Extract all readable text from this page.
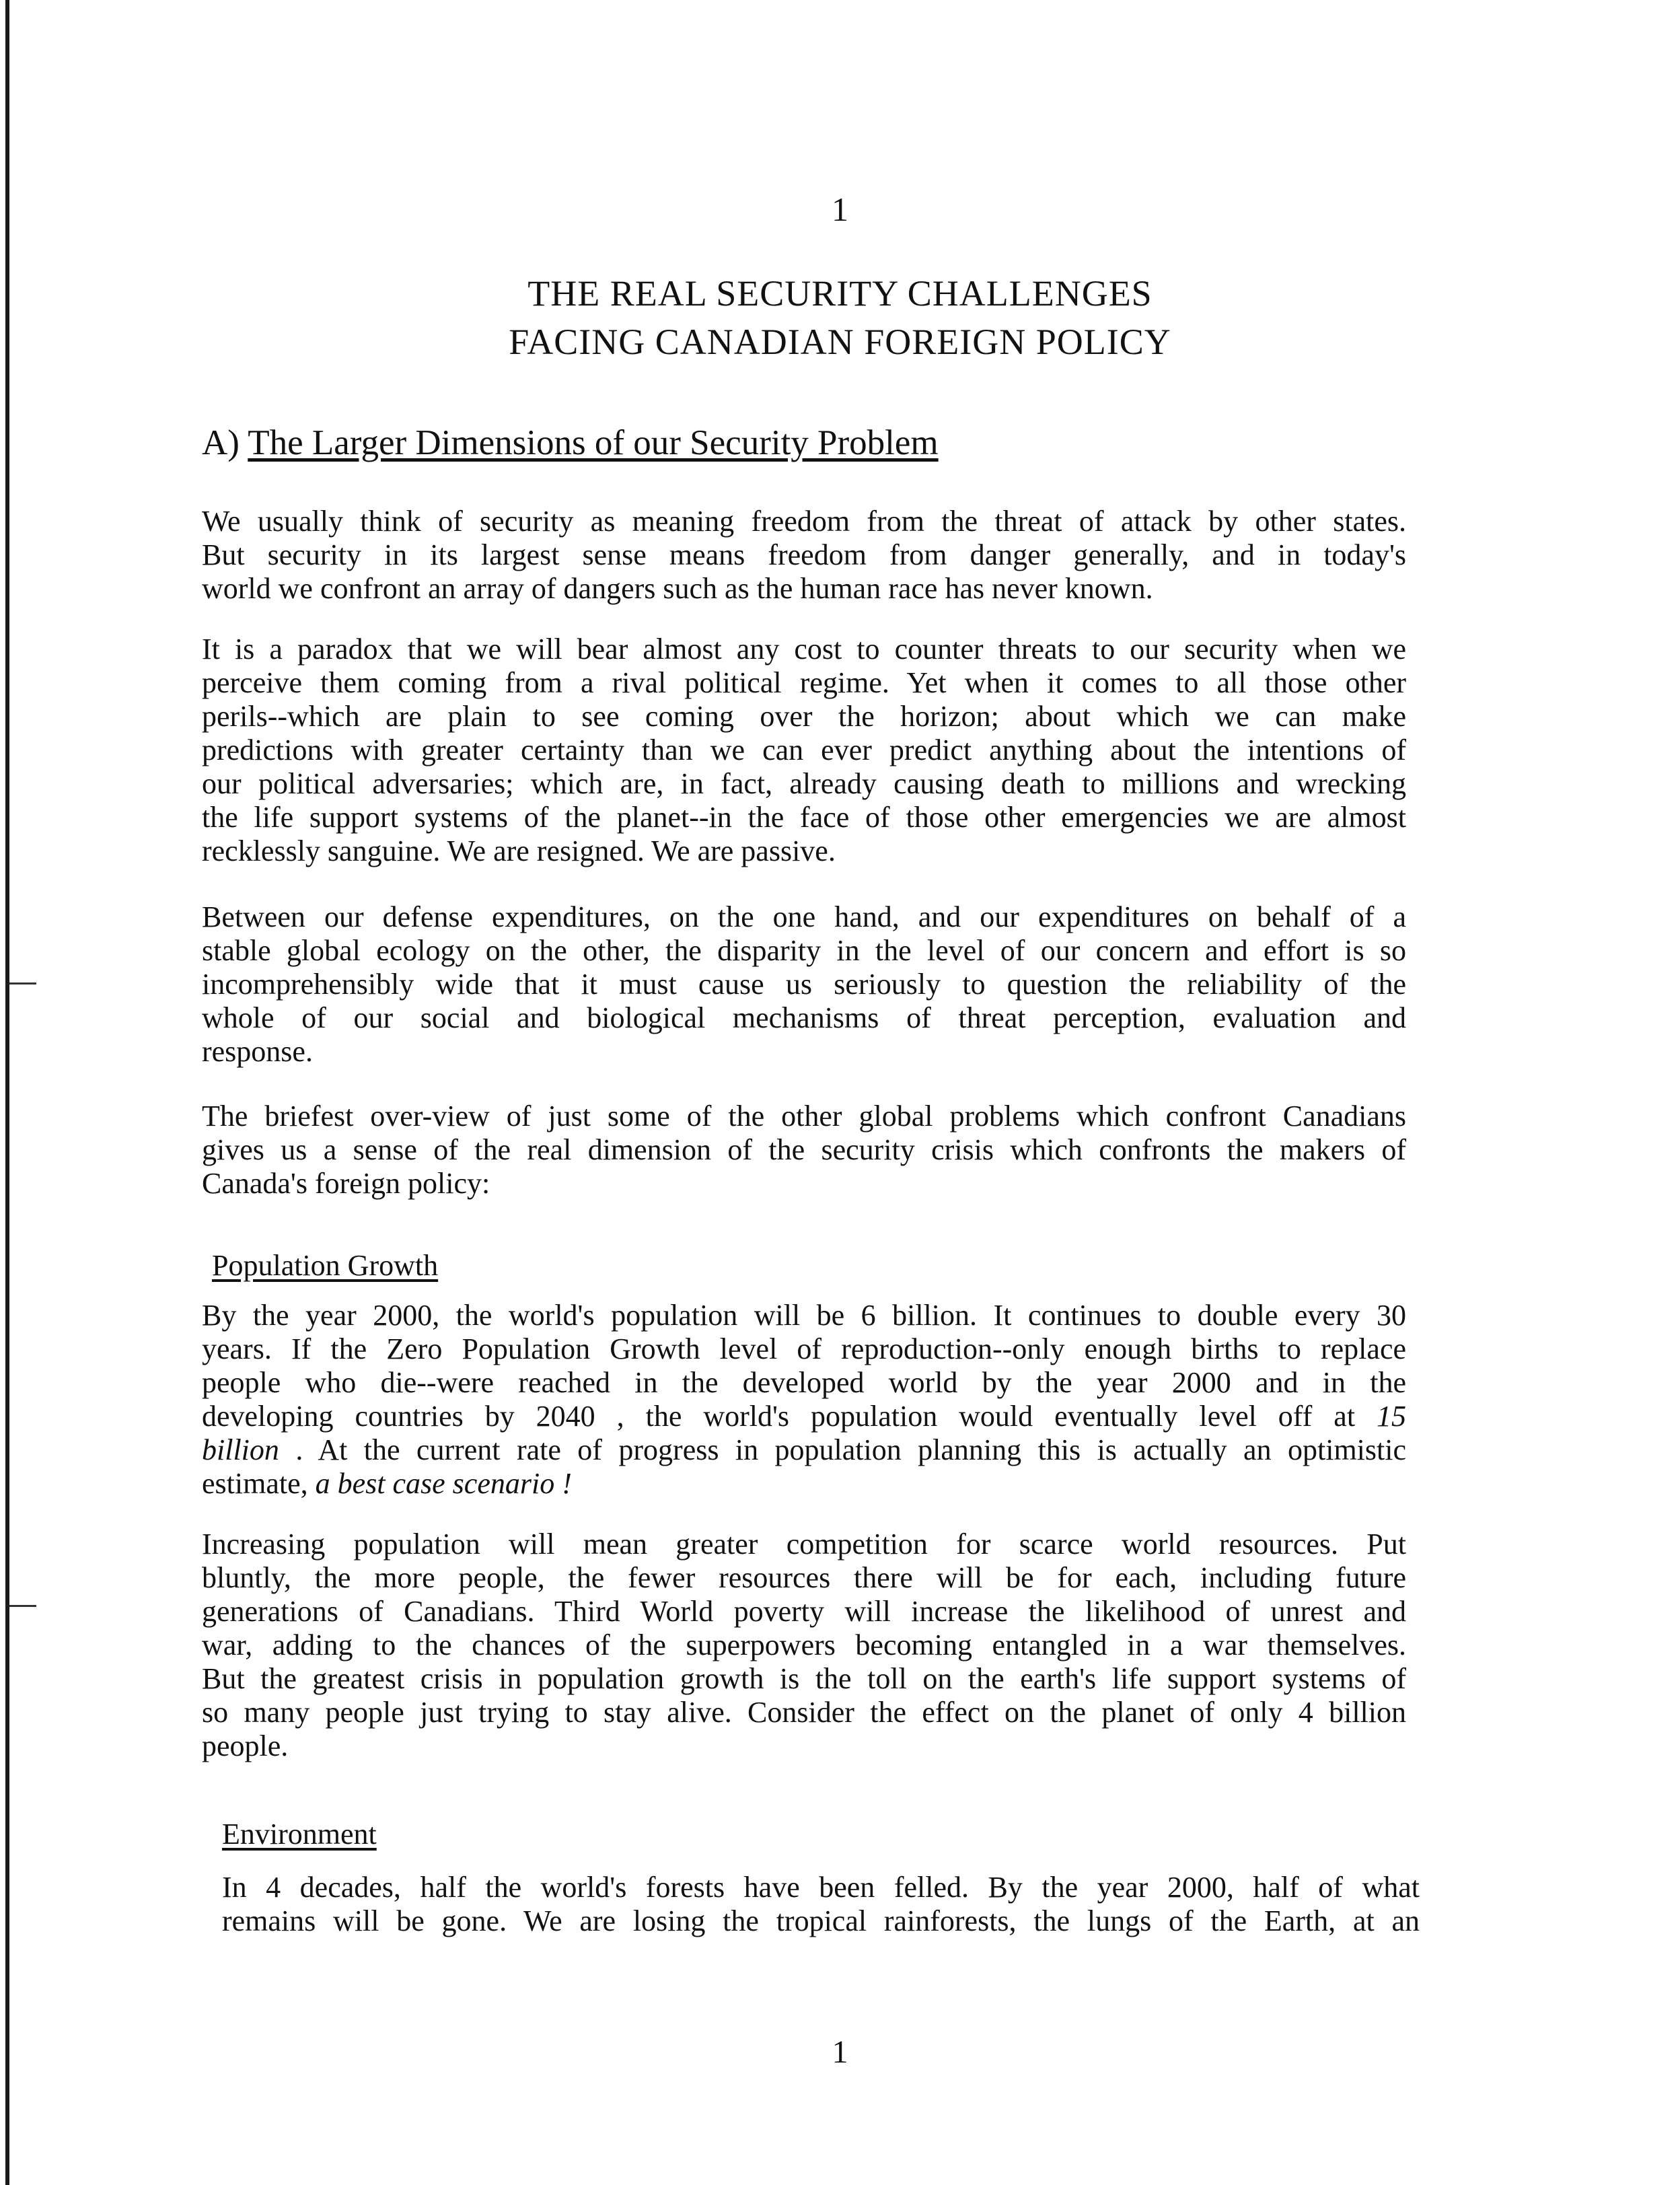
1
THE REAL SECURITY CHALLENGES
FACING CANADIAN FOREIGN POLICY
A) The Larger Dimensions of our Security Problem
We usually think of security as meaning freedom from the threat of attack by other states.
But security in its largest sense means freedom from danger generally, and in today's
world we confront an array of dangers such as the human race has never known.
It is a paradox that we will bear almost any cost to counter threats to our security when we
perceive them coming from a rival political regime. Yet when it comes to all those other
perils--which are plain to see coming over the horizon; about which we can make
predictions with greater certainty than we can ever predict anything about the intentions of
our political adversaries; which are, in fact, already causing death to millions and wrecking
the life support systems of the planet--in the face of those other emergencies we are almost
recklessly sanguine. We are resigned. We are passive.
Between our defense expenditures, on the one hand, and our expenditures on behalf of a
stable global ecology on the other, the disparity in the level of our concern and effort is so
incomprehensibly wide that it must cause us seriously to question the reliability of the
whole of our social and biological mechanisms of threat perception, evaluation and
response.
The briefest over-view of just some of the other global problems which confront Canadians
gives us a sense of the real dimension of the security crisis which confronts the makers of
Canada's foreign policy:
Population Growth
By the year 2000, the world's population will be 6 billion. It continues to double every 30
years. If the Zero Population Growth level of reproduction--only enough births to replace
people who die--were reached in the developed world by the year 2000 and in the
developing countries by 2040 , the world's population would eventually level off at 15
billion . At the current rate of progress in population planning this is actually an optimistic
estimate, a best case scenario !
Increasing population will mean greater competition for scarce world resources. Put
bluntly, the more people, the fewer resources there will be for each, including future
generations of Canadians. Third World poverty will increase the likelihood of unrest and
war, adding to the chances of the superpowers becoming entangled in a war themselves.
But the greatest crisis in population growth is the toll on the earth's life support systems of
so many people just trying to stay alive. Consider the effect on the planet of only 4 billion
people.
Environment
In 4 decades, half the world's forests have been felled. By the year 2000, half of what
remains will be gone. We are losing the tropical rainforests, the lungs of the Earth, at an
1
